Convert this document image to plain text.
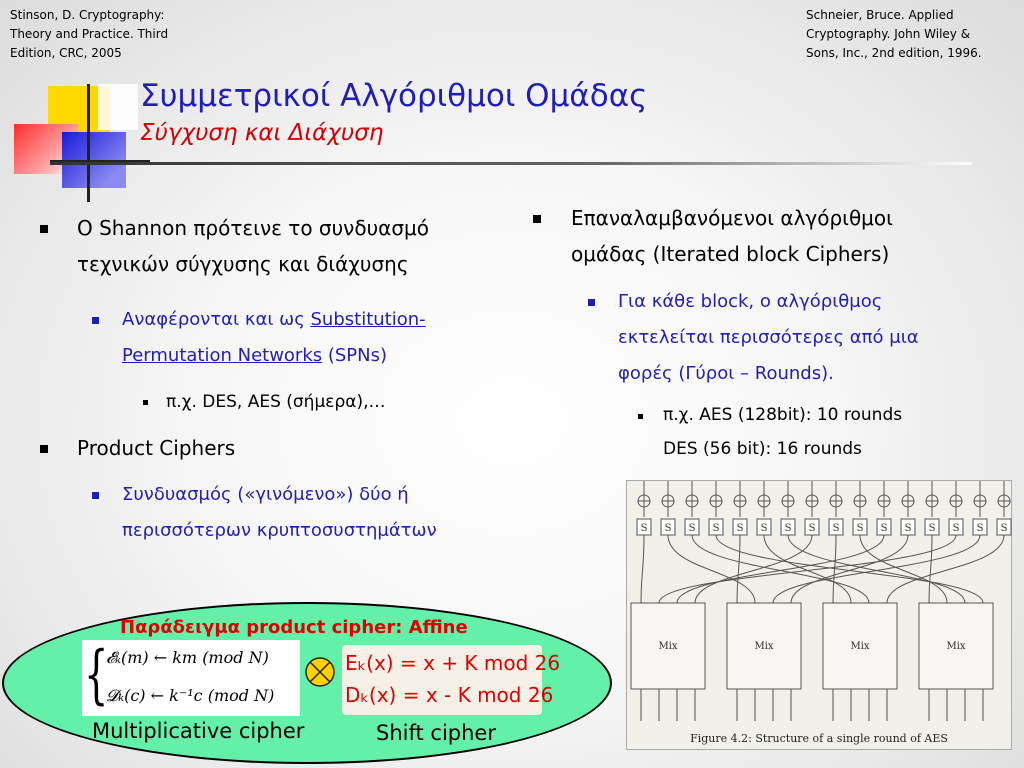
Stinson, D. Cryptography:
Theory and Practice. Third
Edition, CRC, 2005
Schneier, Bruce. Applied
Cryptography. John Wiley &
Sons, Inc., 2nd edition, 1996.
Συμμετρικοί Αλγόριθμοι Ομάδας
Σύγχυση και Διάχυση
Ο Shannon πρότεινε το συνδυασμό
τεχνικών σύγχυσης και διάχυσης
Αναφέρονται και ως Substitution-
Permutation Networks (SPNs)
π.χ. DES, AES (σήμερα),…
Product Ciphers
Συνδυασμός («γινόμενο») δύο ή
περισσότερων κρυπτοσυστημάτων
Επαναλαμβανόμενοι αλγόριθμοι
ομάδας (Iterated block Ciphers)
Για κάθε block, ο αλγόριθμος
εκτελείται περισσότερες από μια
φορές (Γύροι – Rounds).
π.χ. AES (128bit): 10 rounds
DES (56 bit): 16 rounds
Παράδειγμα product cipher: Affine
{
𝓔ₖ(m) ← km (mod N)
𝓓ₖ(c) ← k⁻¹c (mod N)
Eₖ(x) = x + K mod 26
Dₖ(x) = x - K mod 26
Multiplicative cipher	Shift cipher
S S S S S S S S S S S S S S S S
Mix	Mix	Mix	Mix
Figure 4.2: Structure of a single round of AES
